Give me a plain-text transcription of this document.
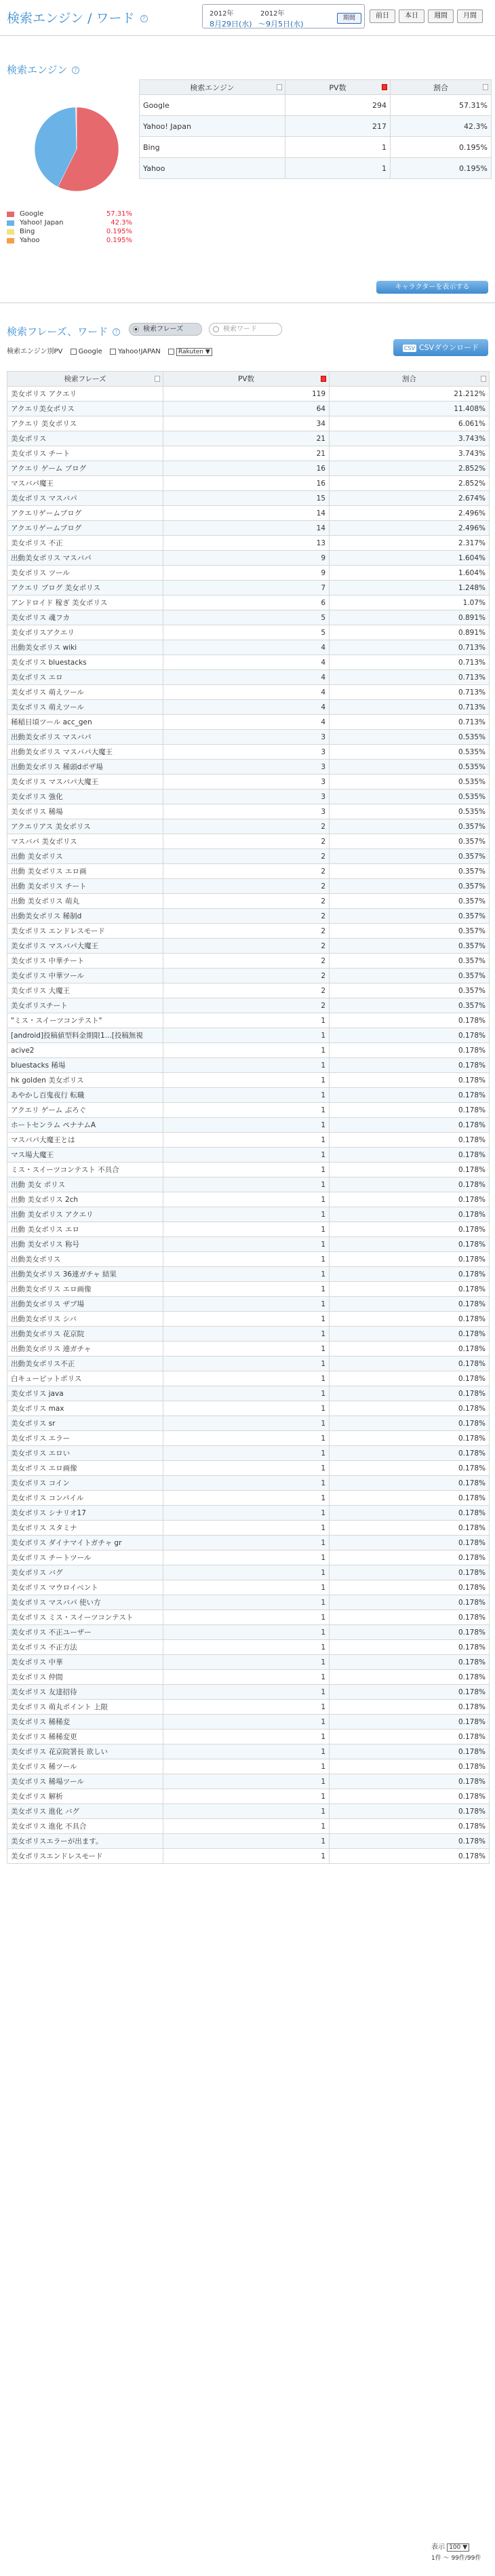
検索エンジン / ワード ?
2012年	2012年
8月29日(水) 〜9月5日(水)
期間	前日	本日	週間	月間
検索エンジン ?
検索エンジン	PV数	割合

Google	294	57.31%
Yahoo! Japan	217	42.3%
Bing	1	0.195%
Yahoo	1	0.195%
Google	57.31%
Yahoo! Japan	42.3%
Bing	0.195%
Yahoo	0.195%
キャラクターを表示する
検索フレーズ、ワード ?	検索フレーズ	検索ワード
検索エンジン別PV Google Yahoo!JAPAN	Rakuten ▼
CSV CSVダウンロード
検索フレーズ	PV数	割合

美女ポリス アクエリ	119	21.212%
アクエリ美女ポリス	64	11.408%
アクエリ 美女ポリス	34	6.061%
美女ポリス	21	3.743%
美女ポリス チート	21	3.743%
アクエリ ゲーム ブログ	16	2.852%
マスバパ魔王	16	2.852%
美女ポリス マスバパ	15	2.674%
アクエリゲームブログ	14	2.496%
アクエリゲームブログ	14	2.496%
美女ポリス 不正	13	2.317%
出動美女ポリス マスバパ	9	1.604%
美女ポリス ツール	9	1.604%
アクエリ ブログ 美女ポリス	7	1.248%
アンドロイド 稼ぎ 美女ポリス	6	1.07%
美女ポリス 魂フカ	5	0.891%
美女ポリスアクエリ	5	0.891%
出動美女ポリス wiki	4	0.713%
美女ポリス bluestacks	4	0.713%
美女ポリス エロ	4	0.713%
美女ポリス 萌えツール	4	0.713%
美女ポリス 萌えツール	4	0.713%
稀稲日頃ツール acc_gen	4	0.713%
出動美女ポリス マスバパ	3	0.535%
出動美女ポリス マスバパ大魔王	3	0.535%
出動美女ポリス 稀頭dポザ場	3	0.535%
美女ポリス マスバパ大魔王	3	0.535%
美女ポリス 強化	3	0.535%
美女ポリス 稀場	3	0.535%
アクエリアス 美女ポリス	2	0.357%
マスバパ 美女ポリス	2	0.357%
出動 美女ポリス	2	0.357%
出動 美女ポリス エロ画	2	0.357%
出動 美女ポリス チート	2	0.357%
出動 美女ポリス 萌丸	2	0.357%
出動美女ポリス 稀制d	2	0.357%
美女ポリス エンドレスモード	2	0.357%
美女ポリス マスバパ大魔王	2	0.357%
美女ポリス 中華チート	2	0.357%
美女ポリス 中華ツール	2	0.357%
美女ポリス 大魔王	2	0.357%
美女ポリスチート	2	0.357%
"ミス・スイーツコンテスト"	1	0.178%
[android]投稿値型料金期限1...[投稿無視	1	0.178%
acive2	1	0.178%
bluestacks 稀場	1	0.178%
hk golden 美女ポリス	1	0.178%
あやかし百鬼夜行 転職	1	0.178%
アクエリ ゲーム ぶろぐ	1	0.178%
ホートセンラム ペナナムA	1	0.178%
マスバパ大魔王とは	1	0.178%
マス場大魔王	1	0.178%
ミス・スイーツコンテスト 不具合	1	0.178%
出動 美女 ポリス	1	0.178%
出動 美女ポリス 2ch	1	0.178%
出動 美女ポリス アクエリ	1	0.178%
出動 美女ポリス エロ	1	0.178%
出動 美女ポリス 称号	1	0.178%
出動美女ポリス	1	0.178%
出動美女ポリス 36連ガチャ 結果	1	0.178%
出動美女ポリス エロ画像	1	0.178%
出動美女ポリス ザブ場	1	0.178%
出動美女ポリス シバ	1	0.178%
出動美女ポリス 花京院	1	0.178%
出動美女ポリス 連ガチャ	1	0.178%
出動美女ポリス不正	1	0.178%
白キューピットポリス	1	0.178%
美女ポリス java	1	0.178%
美女ポリス max	1	0.178%
美女ポリス sr	1	0.178%
美女ポリス エラー	1	0.178%
美女ポリス エロい	1	0.178%
美女ポリス エロ画像	1	0.178%
美女ポリス コイン	1	0.178%
美女ポリス コンパイル	1	0.178%
美女ポリス シナリオ17	1	0.178%
美女ポリス スタミナ	1	0.178%
美女ポリス ダイナマイトガチャ gr	1	0.178%
美女ポリス チートツール	1	0.178%
美女ポリス バグ	1	0.178%
美女ポリス マウロイベント	1	0.178%
美女ポリス マスバパ 使い方	1	0.178%
美女ポリス ミス・スイーツコンテスト	1	0.178%
美女ポリス 不正ユーザー	1	0.178%
美女ポリス 不正方法	1	0.178%
美女ポリス 中華	1	0.178%
美女ポリス 仲間	1	0.178%
美女ポリス 友達招待	1	0.178%
美女ポリス 萌丸ポイント 上限	1	0.178%
美女ポリス 稀稀変	1	0.178%
美女ポリス 稀稀変更	1	0.178%
美女ポリス 花京院署長 欲しい	1	0.178%
美女ポリス 稀ツール	1	0.178%
美女ポリス 稀場ツール	1	0.178%
美女ポリス 解析	1	0.178%
美女ポリス 進化 バグ	1	0.178%
美女ポリス 進化 不具合	1	0.178%
美女ポリスエラーが出ます。	1	0.178%
美女ポリスエンドレスモード	1	0.178%
表示 100 ▼
1件 〜 99件/99件
